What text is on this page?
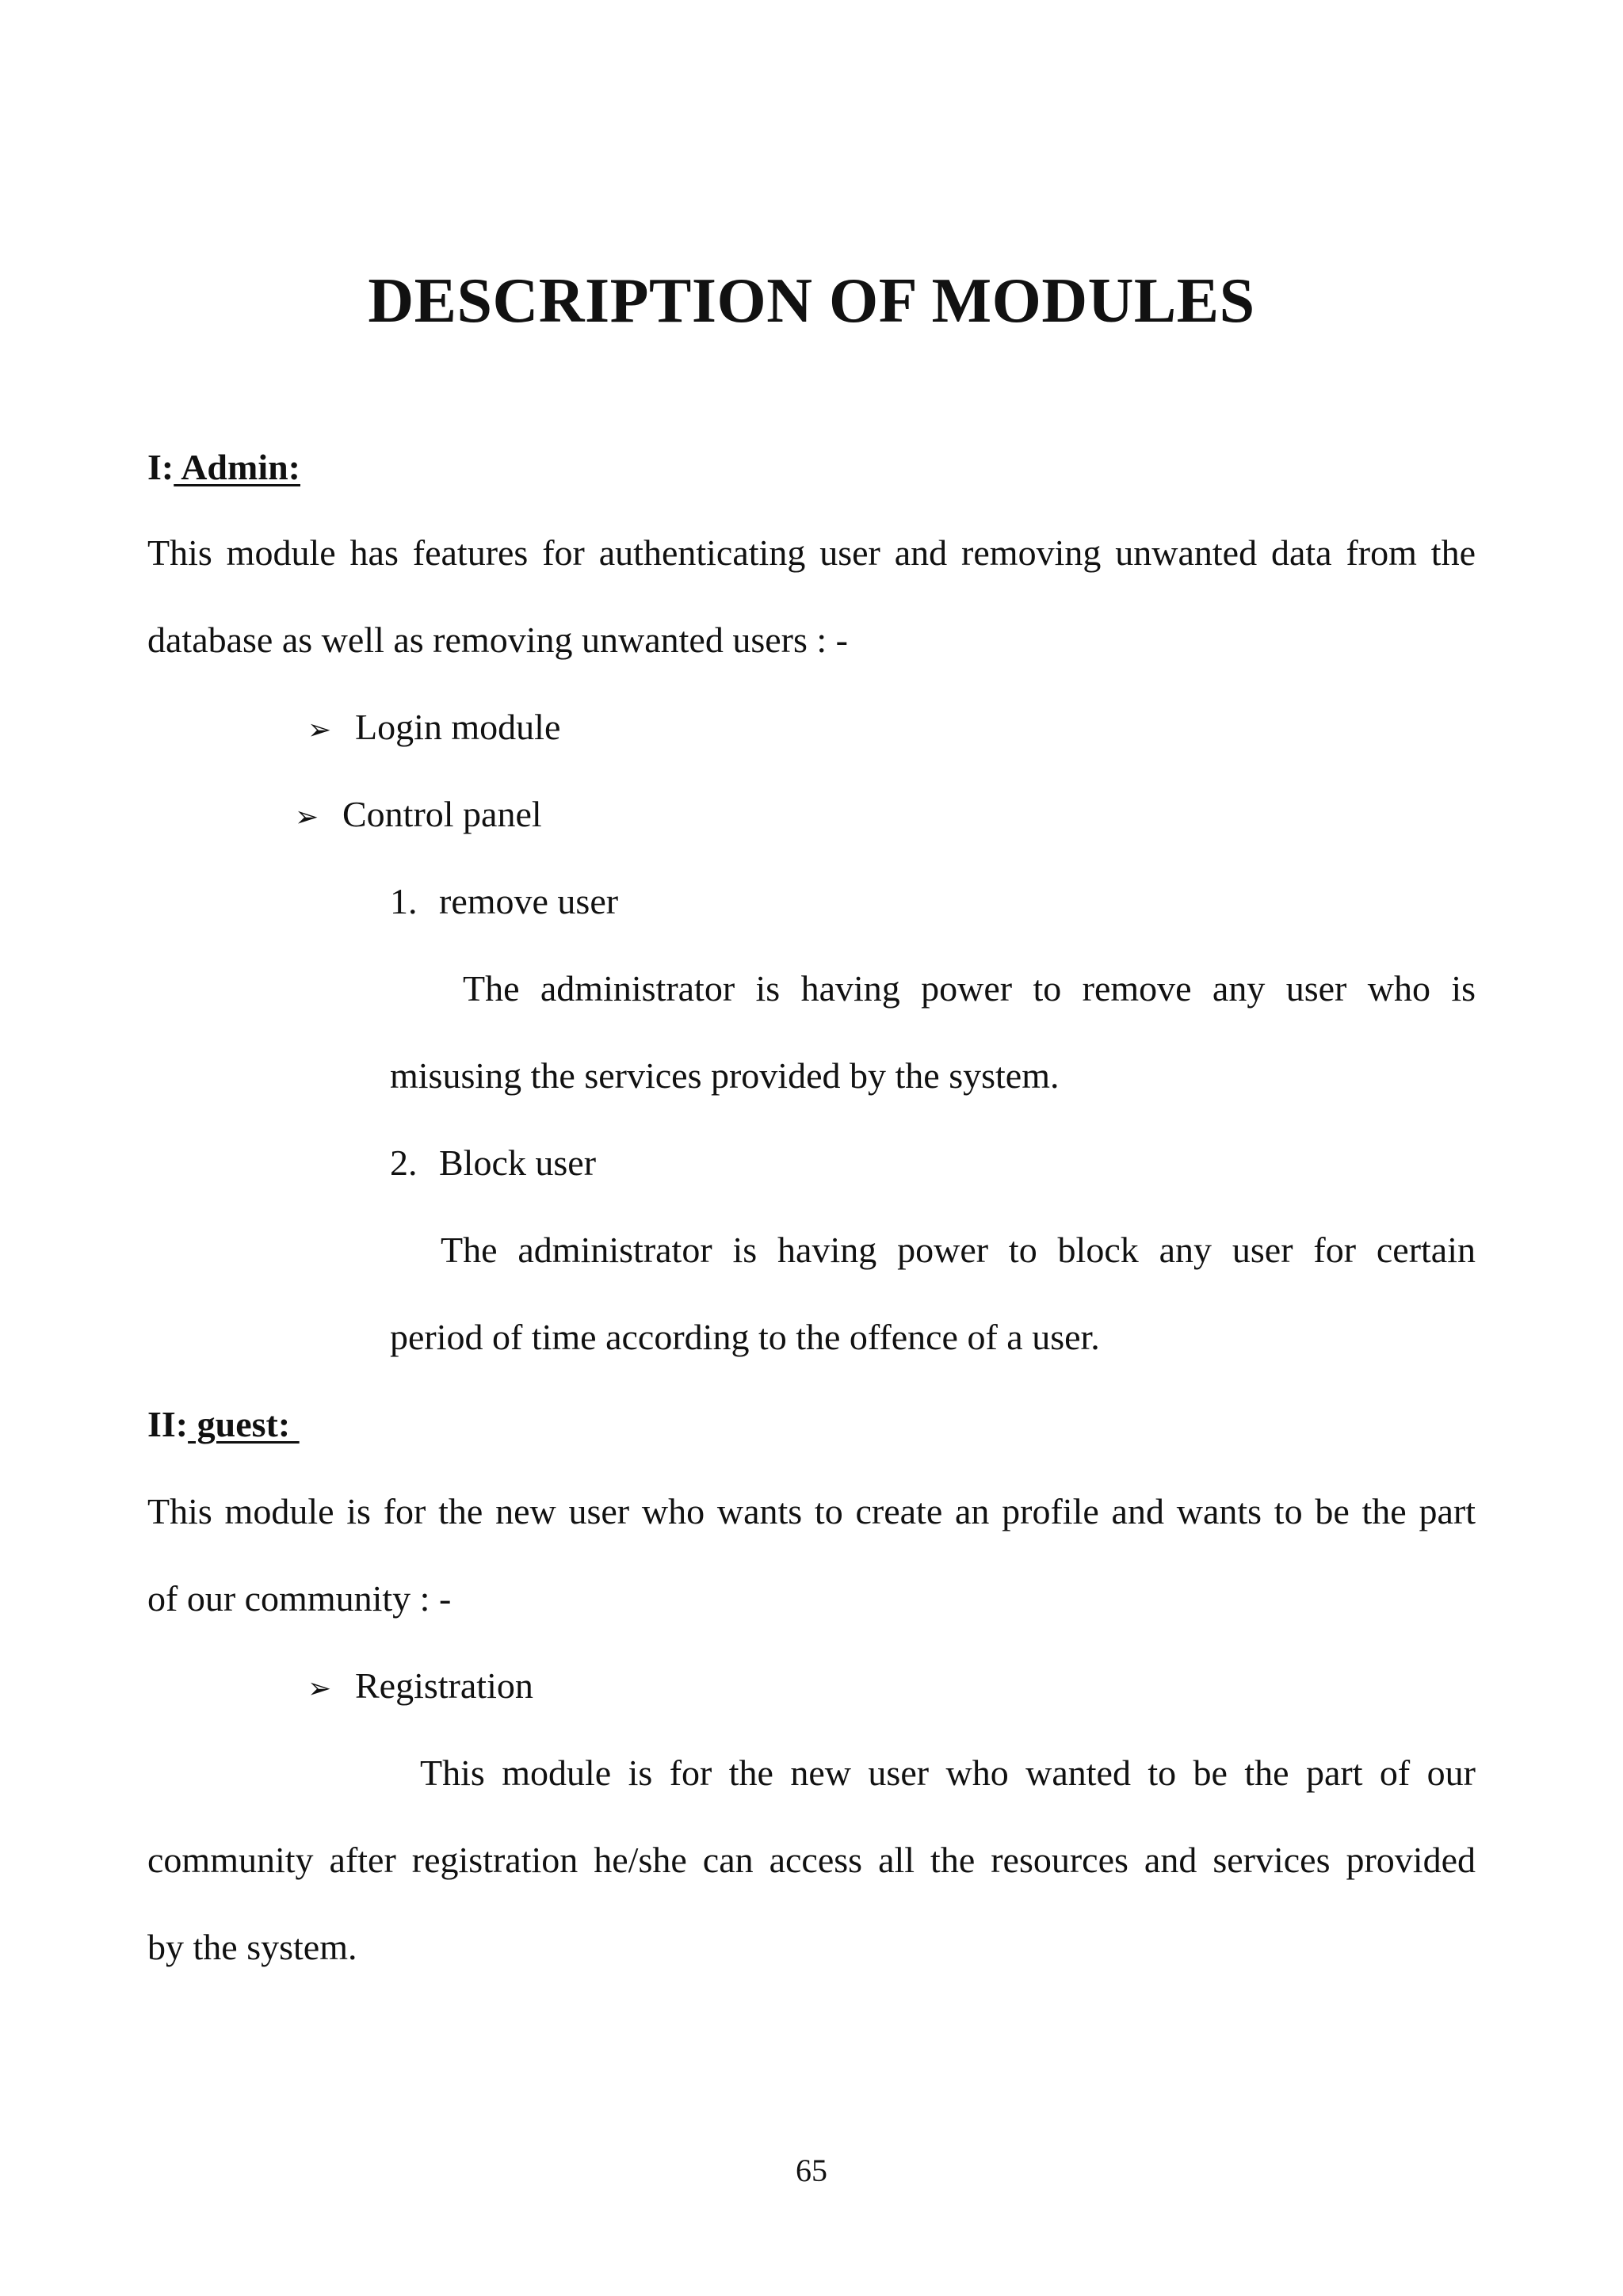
DESCRIPTION OF MODULES
I: Admin:
This module has features for authenticating user and removing unwanted data from the
database as well as removing unwanted users : -
➢ Login module
➢ Control panel
1. remove user
The administrator is having power to remove any user who is
misusing the services provided by the system.
2. Block user
The administrator is having power to block any user for certain
period of time according to the offence of a user.
II: guest:
This module is for the new user who wants to create an profile and wants to be the part
of our community : -
➢ Registration
This module is for the new user who wanted to be the part of our
community after registration he/she can access all the resources and services provided
by the system.
65
